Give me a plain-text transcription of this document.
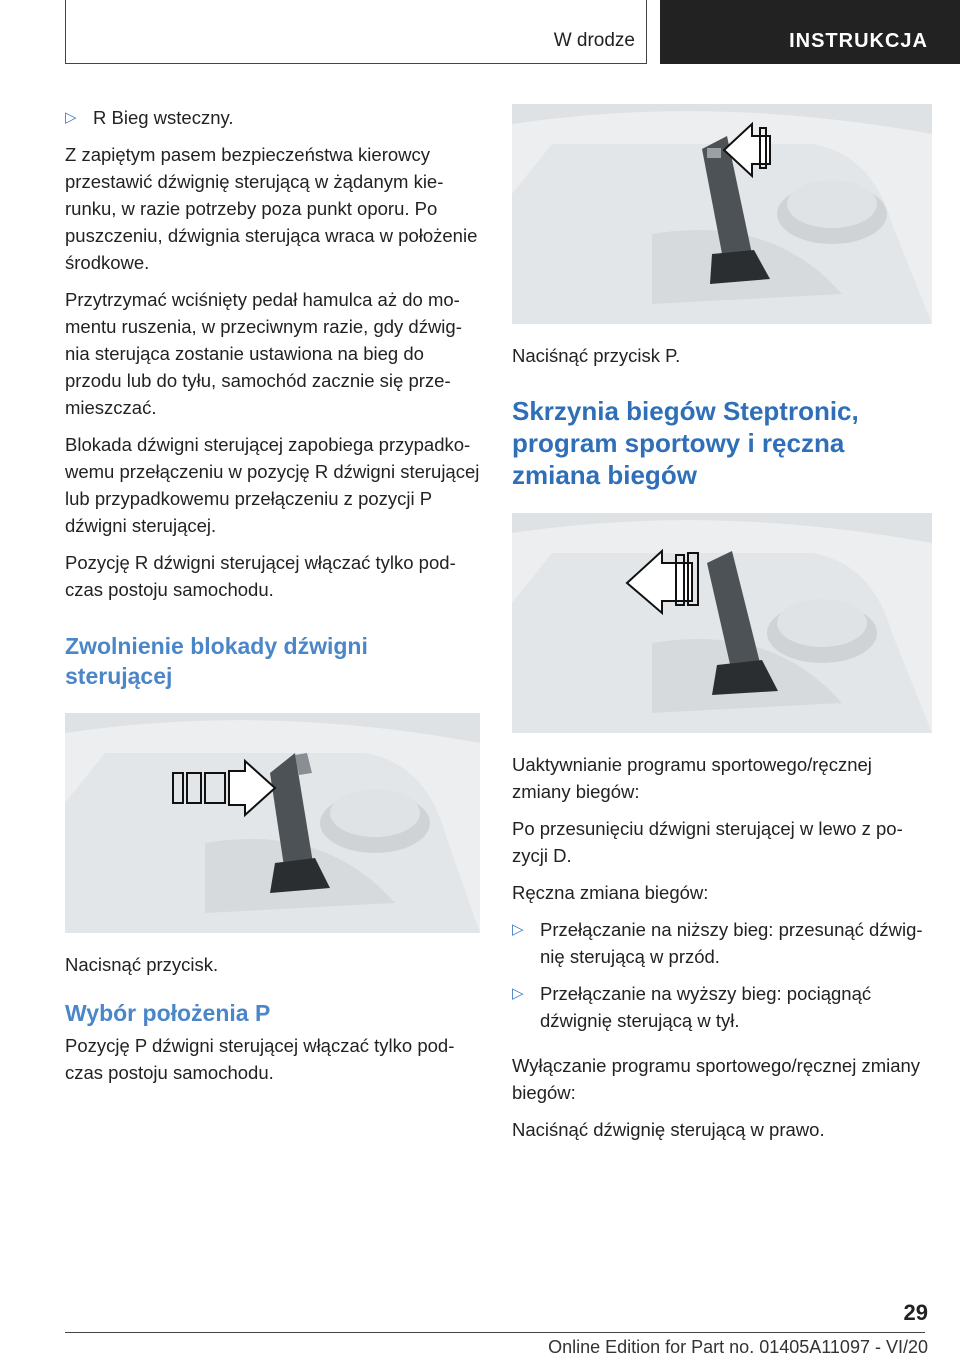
W drodze	INSTRUKCJA
▷ R Bieg wsteczny.

Z zapiętym pasem bezpieczeństwa kierowcy przestawić dźwignię sterującą w żądanym kierunku, w razie potrzeby poza punkt oporu. Po puszczeniu, dźwignia sterująca wraca w położenie środkowe.

Przytrzymać wciśnięty pedał hamulca aż do momentu ruszenia, w przeciwnym razie, gdy dźwignia sterująca zostanie ustawiona na bieg do przodu lub do tyłu, samochód zacznie się przemieszczać.

Blokada dźwigni sterującej zapobiega przypadkowemu przełączeniu w pozycję R dźwigni sterującej lub przypadkowemu przełączeniu z pozycji P dźwigni sterującej.

Pozycję R dźwigni sterującej włączać tylko podczas postoju samochodu.

Zwolnienie blokady dźwigni sterującej

Nacisnąć przycisk.

Wybór położenia P

Pozycję P dźwigni sterującej włączać tylko podczas postoju samochodu.

Naciśnąć przycisk P.

Skrzynia biegów Steptronic, program sportowy i ręczna zmiana biegów

Uaktywnianie programu sportowego/ręcznej zmiany biegów:

Po przesunięciu dźwigni sterującej w lewo z pozycji D.

Ręczna zmiana biegów:

▷ Przełączanie na niższy bieg: przesunąć dźwignię sterującą w przód.
▷ Przełączanie na wyższy bieg: pociągnąć dźwignię sterującą w tył.

Wyłączanie programu sportowego/ręcznej zmiany biegów:

Naciśnąć dźwignię sterującą w prawo.

29
Online Edition for Part no. 01405A11097 - VI/20
